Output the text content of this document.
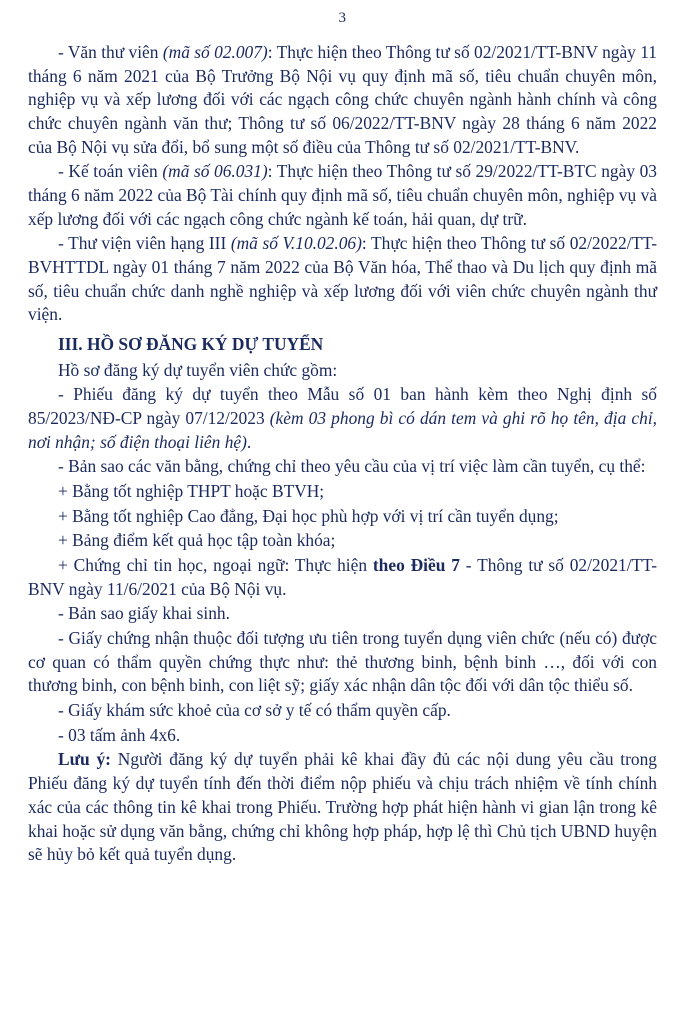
3

- Văn thư viên (mã số 02.007): Thực hiện theo Thông tư số 02/2021/TT-BNV ngày 11 tháng 6 năm 2021 của Bộ Trưởng Bộ Nội vụ quy định mã số, tiêu chuẩn chuyên môn, nghiệp vụ và xếp lương đối với các ngạch công chức chuyên ngành hành chính và công chức chuyên ngành văn thư; Thông tư số 06/2022/TT-BNV ngày 28 tháng 6 năm 2022 của Bộ Nội vụ sửa đổi, bổ sung một số điều của Thông tư số 02/2021/TT-BNV.

- Kế toán viên (mã số 06.031): Thực hiện theo Thông tư số 29/2022/TT-BTC ngày 03 tháng 6 năm 2022 của Bộ Tài chính quy định mã số, tiêu chuẩn chuyên môn, nghiệp vụ và xếp lương đối với các ngạch công chức ngành kế toán, hải quan, dự trữ.

- Thư viện viên hạng III (mã số V.10.02.06): Thực hiện theo Thông tư số 02/2022/TT-BVHTTDL ngày 01 tháng 7 năm 2022 của Bộ Văn hóa, Thể thao và Du lịch quy định mã số, tiêu chuẩn chức danh nghề nghiệp và xếp lương đối với viên chức chuyên ngành thư viện.

III. HỒ SƠ ĐĂNG KÝ DỰ TUYỂN

Hồ sơ đăng ký dự tuyển viên chức gồm:

- Phiếu đăng ký dự tuyển theo Mẫu số 01 ban hành kèm theo Nghị định số 85/2023/NĐ-CP ngày 07/12/2023 (kèm 03 phong bì có dán tem và ghi rõ họ tên, địa chỉ, nơi nhận; số điện thoại liên hệ).

- Bản sao các văn bằng, chứng chỉ theo yêu cầu của vị trí việc làm cần tuyển, cụ thể:

+ Bằng tốt nghiệp THPT hoặc BTVH;

+ Bằng tốt nghiệp Cao đẳng, Đại học phù hợp với vị trí cần tuyển dụng;

+ Bảng điểm kết quả học tập toàn khóa;

+ Chứng chỉ tin học, ngoại ngữ: Thực hiện theo Điều 7 - Thông tư số 02/2021/TT-BNV ngày 11/6/2021 của Bộ Nội vụ.

- Bản sao giấy khai sinh.

- Giấy chứng nhận thuộc đối tượng ưu tiên trong tuyển dụng viên chức (nếu có) được cơ quan có thẩm quyền chứng thực như: thẻ thương binh, bệnh binh …, đối với con thương binh, con bệnh binh, con liệt sỹ; giấy xác nhận dân tộc đối với dân tộc thiểu số.

- Giấy khám sức khoẻ của cơ sở y tế có thẩm quyền cấp.

- 03 tấm ảnh 4x6.

Lưu ý: Người đăng ký dự tuyển phải kê khai đầy đủ các nội dung yêu cầu trong Phiếu đăng ký dự tuyển tính đến thời điểm nộp phiếu và chịu trách nhiệm về tính chính xác của các thông tin kê khai trong Phiếu. Trường hợp phát hiện hành vi gian lận trong kê khai hoặc sử dụng văn bằng, chứng chỉ không hợp pháp, hợp lệ thì Chủ tịch UBND huyện sẽ hủy bỏ kết quả tuyển dụng.
